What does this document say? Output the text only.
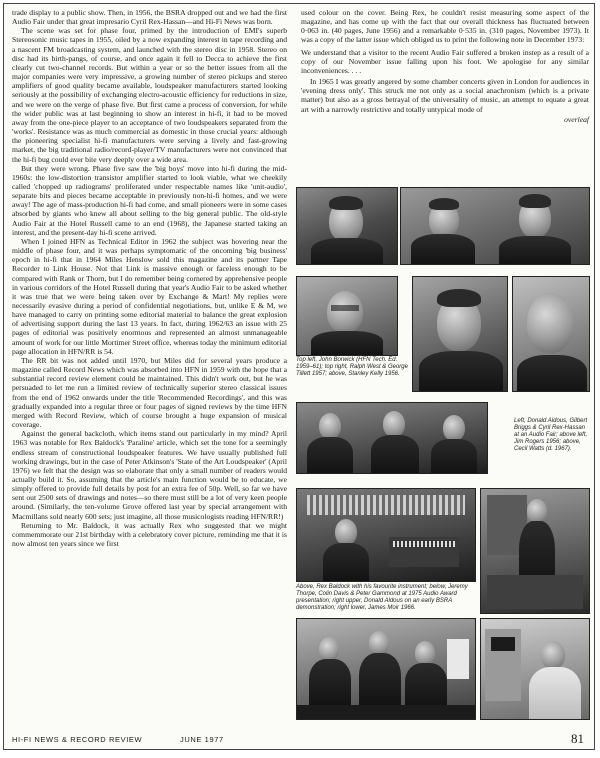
trade display to a public show. Then, in 1956, the BSRA dropped out and we had the first Audio Fair under that great impresario Cyril Rex-Hassan—and Hi-Fi News was born.

The scene was set for phase four, primed by the introduction of EMI's superb Stereosonic music tapes in 1955, oiled by a now expanding interest in tape recording and a nascent FM broadcasting system, and launched with the stereo disc in 1958. Stereo on disc had its birth-pangs, of course, and once again it fell to Decca to achieve the first clearly cut two-channel records. But within a year or so the better issues from all the major companies were very impressive, a growing number of stereo pickups and stereo amplifiers of good quality became available, loudspeaker manufacturers started looking seriously at the possibility of exchanging electro-acoustic efficiency for reductions in size, and we were on the verge of phase five. But first came a process of conversion, for while the wider public was at last beginning to show an interest in hi-fi, it had to be moved away from the one-piece player to an acceptance of two loudspeakers separated from the 'works'. Resistance was as much commercial as domestic in those crucial years: although the pioneering specialist hi-fi manufacturers were serving a lively and fast-growing market, the big traditional radio/record-player/TV manufacturers were not convinced that the hi-fi bug could ever bite very deeply over a wide area.

But they were wrong. Phase five saw the 'big boys' move into hi-fi during the mid-1960s: the low-distortion transistor amplifier started to look viable, what we cheekily called 'chopped up radiograms' proliferated under respectable names like 'unit-audio', separate bits and pieces became acceptable in previously non-hi-fi homes, and we were away! The age of mass-production hi-fi had come, and small pioneers were in some cases absorbed by giants who knew all about selling to the big general public. The old-style Audio Fair at the Hotel Russell came to an end (1968), the Japanese started taking an interest, and the present-day hi-fi scene arrived.

When I joined HFN as Technical Editor in 1962 the subject was hovering near the middle of phase four, and it was perhaps symptomatic of the oncoming 'big business' epoch in hi-fi that in 1964 Miles Henslow sold this magazine and its partner Tape Recorder to Link House. Not that Link is massive enough or faceless enough to be compared with Rank or Thorn, but I do remember being cornered by apprehensive people in various corridors of the Hotel Russell during that year's Audio Fair to be asked whether it was true that we were being taken over by Exchange & Mart! My replies were necessarily evasive during a period of confidential negotiations, but, unlike E & M, we have managed to carry on printing some editorial material to balance the great explosion of advertising support during the last 13 years. In fact, during 1962/63 an issue with 25 pages of editorial was positively enormous and represented an almost unmanageable amount of work for our little Mortimer Street office, whereas today the minimum editorial page allocation in HFN/RR is 54.

The RR bit was not added until 1970, but Miles did for several years produce a magazine called Record News which was absorbed into HFN in 1959 with the hope that a substantial record review element could be maintained. This didn't work out, but he was persuaded to let me run a limited review of technically superior stereo classical issues from the end of 1962 onwards under the title 'Recommended Recordings', and this was gradually expanded into a regular three or four pages of signed reviews by the time HFN merged with Record Review, which of course brought a huge expansion of musical coverage.

Against the general backcloth, which items stand out particularly in my mind? April 1963 was notable for Rex Baldock's 'Paraline' article, which set the tone for a seemingly endless stream of constructional loudspeaker features. We have usually published full working drawings, but in the case of Peter Atkinson's 'State of the Art Loudspeaker' (April 1976) we felt that the design was so elaborate that only a small number of readers would actually build it. So, assuming that the article's main function would be to educate, we simply offered to provide full details by post for an extra fee of 50p. Well, so far we have sent out 2500 sets of drawings and notes—so there must still be a lot of very keen people around. (Similarly, the ten-volume Grove offered last year by special arrangement with Macmillans sold nearly 600 sets; just imagine, all those musicologists reading HFN/RR!)

Returning to Mr. Baldock, it was actually Rex who suggested that we might commemmorate our 21st birthday with a celebratory cover picture, reminding me that it is now almost ten years since we first

used colour on the cover. Being Rex, he couldn't resist measuring some aspect of the magazine, and has come up with the fact that our overall thickness has fluctuated between 0·063 in. (40 pages, June 1956) and a remarkable 0·535 in. (310 pages, November 1973). It was a copy of the latter issue which obliged us to print the following note in December 1973:

We understand that a visitor to the recent Audio Fair suffered a broken instep as a result of a copy of our November issue falling upon his foot. We apologise for any similar inconveniences. . . .

In 1965 I was greatly angered by some chamber concerts given in London for audiences in 'evening dress only'. This struck me not only as a social anachronism (which is a private matter) but also as a gross betrayal of the universality of music, an attempt to equate a great art with a narrowly restrictive and totally untypical mode of

overleaf
Top left, John Borwick (HFN Tech. Ed. 1959–61); top right, Ralph West & George Tillett 1957; above, Stanley Kelly 1956.
Left, Donald Aldous, Gilbert Briggs & Cyril Rex-Hassan at an Audio Fair; above left, Jim Rogers 1956; above, Cecil Watts (d. 1967).
Above, Rex Baldock with his favourite instrument; below, Jeremy Thorpe, Colin Davis & Peter Gammond at 1975 Audio Award presentation; right upper, Donald Aldous on an early BSRA demonstration; right lower, James Moir 1966.
HI-FI NEWS & RECORD REVIEW	JUNE 1977	81
